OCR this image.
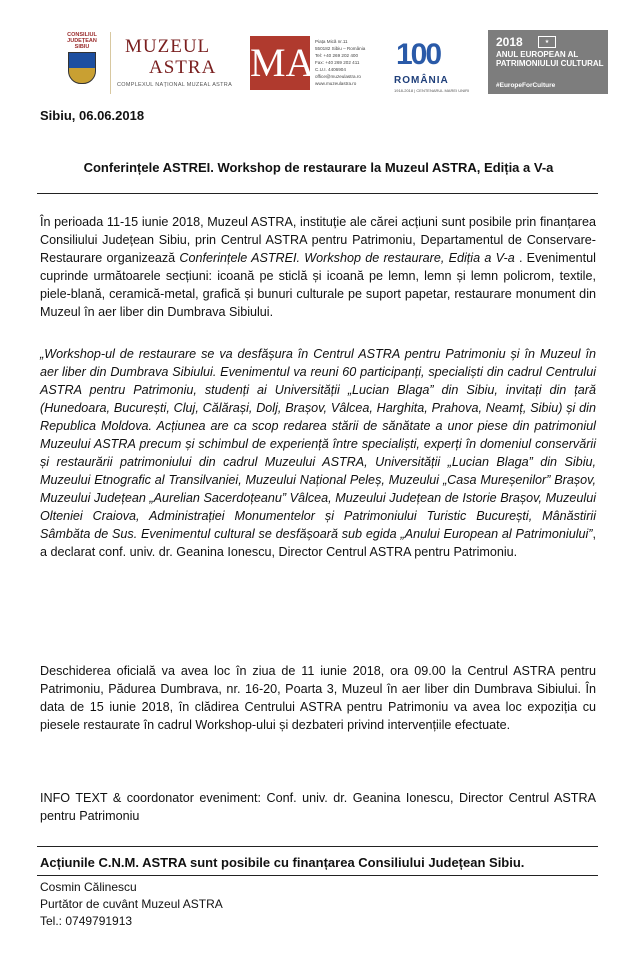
CONSILIUL JUDEȚEAN SIBIU	MUZEUL
ASTRA
COMPLEXUL NAȚIONAL MUZEAL ASTRA MA Piața Mică nr.11
550182 Sibiu – România
Tel: +40 269 202 400
Fax: +40 269 202 411
C.U.I. 4406904
office@muzeulastra.ro
www.muzeulastra.ro
100
ROMÂNIA
1918-2018 | CENTENARUL MAREI UNIRI
2018	★
ANUL EUROPEAN AL PATRIMONIULUI CULTURAL
#EuropeForCulture
Sibiu, 06.06.2018
Conferințele ASTREI. Workshop de restaurare la Muzeul ASTRA, Ediția a V-a
În perioada 11-15 iunie 2018, Muzeul ASTRA, instituție ale cărei acțiuni sunt posibile prin finanțarea Consiliului Județean Sibiu, prin Centrul ASTRA pentru Patrimoniu, Departamentul de Conservare-Restaurare organizează Conferințele ASTREI. Workshop de restaurare, Ediția a V-a . Evenimentul cuprinde următoarele secțiuni: icoană pe sticlă și icoană pe lemn, lemn și lemn policrom, textile, piele-blană, ceramică-metal, grafică și bunuri culturale pe suport papetar, restaurare monument din Muzeul în aer liber din Dumbrava Sibiului.
„Workshop-ul de restaurare se va desfășura în Centrul ASTRA pentru Patrimoniu și în Muzeul în aer liber din Dumbrava Sibiului. Evenimentul va reuni 60 participanți, specialiști din cadrul Centrului ASTRA pentru Patrimoniu, studenți ai Universității „Lucian Blaga” din Sibiu, invitați din țară (Hunedoara, București, Cluj, Călărași, Dolj, Brașov, Vâlcea, Harghita, Prahova, Neamț, Sibiu) și din Republica Moldova. Acțiunea are ca scop redarea stării de sănătate a unor piese din patrimoniul Muzeului ASTRA precum și schimbul de experiență între specialiști, experți în domeniul conservării și restaurării patrimoniului din cadrul Muzeului ASTRA, Universității „Lucian Blaga” din Sibiu, Muzeului Etnografic al Transilvaniei, Muzeului Național Peleș, Muzeului „Casa Mureșenilor” Brașov, Muzeului Județean „Aurelian Sacerdoțeanu” Vâlcea, Muzeului Județean de Istorie Brașov, Muzeului Olteniei Craiova, Administrației Monumentelor și Patrimoniului Turistic București, Mânăstirii Sâmbăta de Sus. Evenimentul cultural se desfășoară sub egida „Anului European al Patrimoniului”, a declarat conf. univ. dr. Geanina Ionescu, Director Centrul ASTRA pentru Patrimoniu.
Deschiderea oficială va avea loc în ziua de 11 iunie 2018, ora 09.00 la Centrul ASTRA pentru Patrimoniu, Pădurea Dumbrava, nr. 16-20, Poarta 3, Muzeul în aer liber din Dumbrava Sibiului. În data de 15 iunie 2018, în clădirea Centrului ASTRA pentru Patrimoniu va avea loc expoziția cu piesele restaurate în cadrul Workshop-ului și dezbateri privind intervențiile efectuate.
INFO TEXT & coordonator eveniment: Conf. univ. dr. Geanina Ionescu, Director Centrul ASTRA pentru Patrimoniu
Acțiunile C.N.M. ASTRA sunt posibile cu finanțarea Consiliului Județean Sibiu.
Cosmin Călinescu
Purtător de cuvânt Muzeul ASTRA
Tel.: 0749791913
